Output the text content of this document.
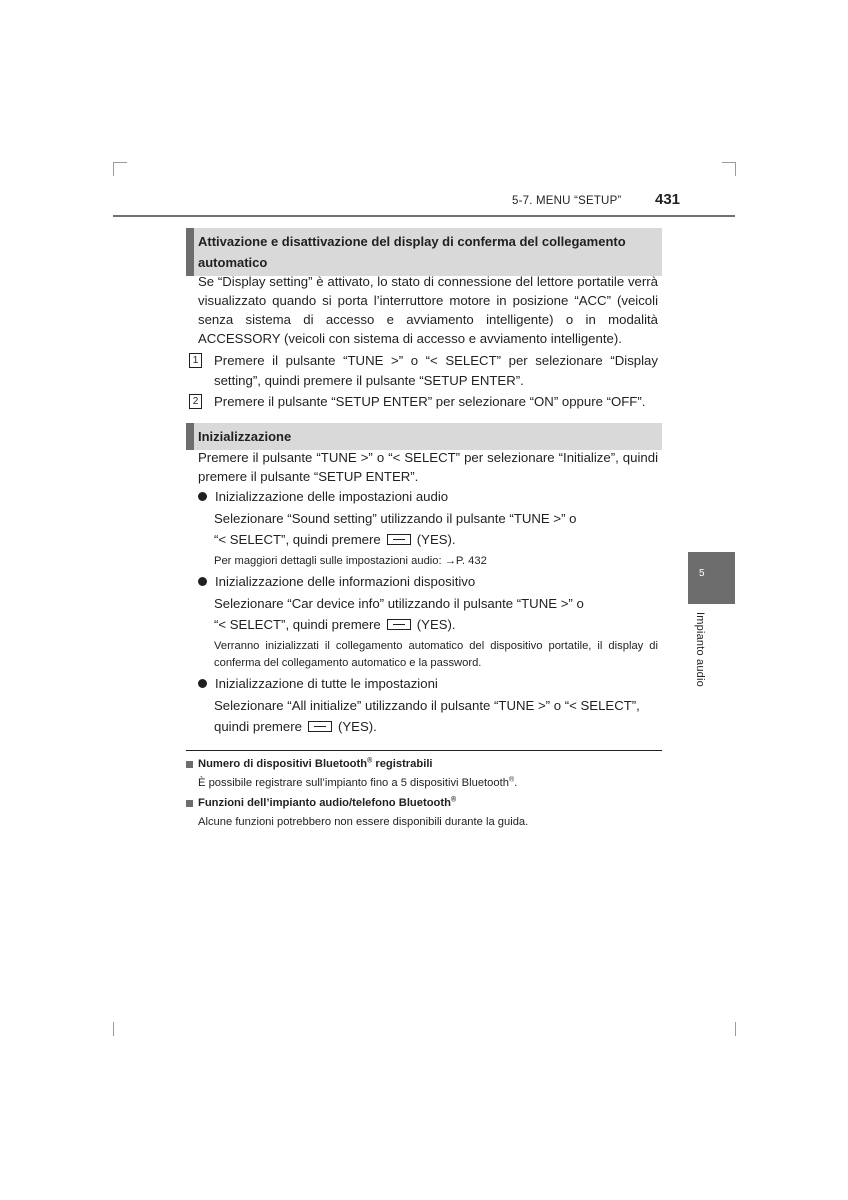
5-7. MENU “SETUP” 431
5
Impianto audio
Attivazione e disattivazione del display di conferma del collegamento automatico
Se “Display setting” è attivato, lo stato di connessione del lettore portatile verrà visualizzato quando si porta l’interruttore motore in posizione “ACC” (veicoli senza sistema di accesso e avviamento intelligente) o in modalità ACCESSORY (veicoli con sistema di accesso e avviamento intelligente).
1 Premere il pulsante “TUNE >” o “< SELECT” per selezionare “Display setting”, quindi premere il pulsante “SETUP ENTER”.
2 Premere il pulsante “SETUP ENTER” per selezionare “ON” oppure “OFF”.
Inizializzazione
Premere il pulsante “TUNE >” o “< SELECT” per selezionare “Initialize”, quindi premere il pulsante “SETUP ENTER”.
Inizializzazione delle impostazioni audio
Selezionare “Sound setting” utilizzando il pulsante “TUNE >” o
“< SELECT”, quindi premere	(YES).
Per maggiori dettagli sulle impostazioni audio: →P. 432
Inizializzazione delle informazioni dispositivo
Selezionare “Car device info” utilizzando il pulsante “TUNE >” o
“< SELECT”, quindi premere	(YES).
Verranno inizializzati il collegamento automatico del dispositivo portatile, il display di conferma del collegamento automatico e la password.
Inizializzazione di tutte le impostazioni
Selezionare “All initialize” utilizzando il pulsante “TUNE >” o “< SELECT”,
quindi premere	(YES).
Numero di dispositivi Bluetooth® registrabili
È possibile registrare sull’impianto fino a 5 dispositivi Bluetooth®.
Funzioni dell’impianto audio/telefono Bluetooth®
Alcune funzioni potrebbero non essere disponibili durante la guida.
